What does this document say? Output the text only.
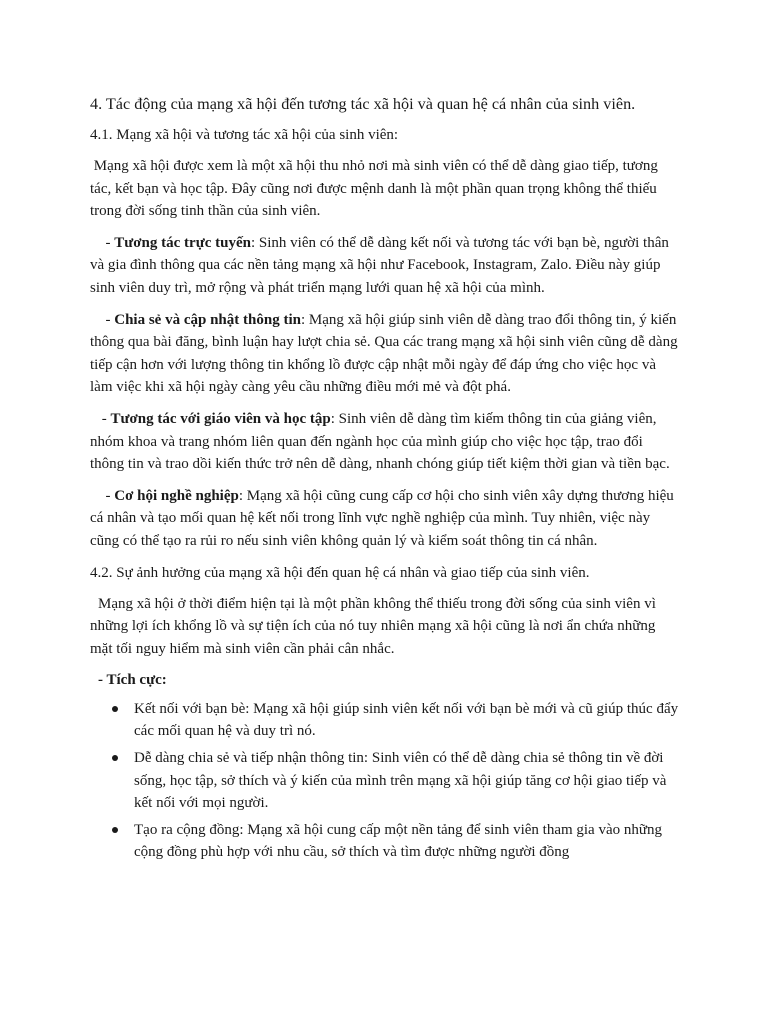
4. Tác động của mạng xã hội đến tương tác xã hội và quan hệ cá nhân của sinh viên.
4.1. Mạng xã hội và tương tác xã hội của sinh viên:
Mạng xã hội được xem là một xã hội thu nhỏ nơi mà sinh viên có thể dễ dàng giao tiếp, tương tác, kết bạn và học tập. Đây cũng nơi được mệnh danh là một phần quan trọng không thể thiếu trong đời sống tinh thần của sinh viên.
- Tương tác trực tuyến: Sinh viên có thể dễ dàng kết nối và tương tác với bạn bè, người thân và gia đình thông qua các nền tảng mạng xã hội như Facebook, Instagram, Zalo. Điều này giúp sinh viên duy trì, mở rộng và phát triển mạng lưới quan hệ xã hội của mình.
- Chia sẻ và cập nhật thông tin: Mạng xã hội giúp sinh viên dễ dàng trao đổi thông tin, ý kiến thông qua bài đăng, bình luận hay lượt chia sẻ. Qua các trang mạng xã hội sinh viên cũng dễ dàng tiếp cận hơn với lượng thông tin khổng lồ được cập nhật mỗi ngày để đáp ứng cho việc học và làm việc khi xã hội ngày càng yêu cầu những điều mới mẻ và đột phá.
- Tương tác với giáo viên và học tập: Sinh viên dễ dàng tìm kiếm thông tin của giảng viên, nhóm khoa và trang nhóm liên quan đến ngành học của mình giúp cho việc học tập, trao đổi thông tin và trao dồi kiến thức trở nên dễ dàng, nhanh chóng giúp tiết kiệm thời gian và tiền bạc.
- Cơ hội nghề nghiệp: Mạng xã hội cũng cung cấp cơ hội cho sinh viên xây dựng thương hiệu cá nhân và tạo mối quan hệ kết nối trong lĩnh vực nghề nghiệp của mình. Tuy nhiên, việc này cũng có thể tạo ra rủi ro nếu sinh viên không quản lý và kiểm soát thông tin cá nhân.
4.2. Sự ảnh hưởng của mạng xã hội đến quan hệ cá nhân và giao tiếp của sinh viên.
Mạng xã hội ở thời điểm hiện tại là một phần không thể thiếu trong đời sống của sinh viên vì những lợi ích khổng lồ và sự tiện ích của nó tuy nhiên mạng xã hội cũng là nơi ẩn chứa những mặt tối nguy hiểm mà sinh viên cần phải cân nhắc.
- Tích cực:
Kết nối với bạn bè: Mạng xã hội giúp sinh viên kết nối với bạn bè mới và cũ giúp thúc đẩy các mối quan hệ và duy trì nó.
Dễ dàng chia sẻ và tiếp nhận thông tin: Sinh viên có thể dễ dàng chia sẻ thông tin về đời sống, học tập, sở thích và ý kiến của mình trên mạng xã hội giúp tăng cơ hội giao tiếp và kết nối với mọi người.
Tạo ra cộng đồng: Mạng xã hội cung cấp một nền tảng để sinh viên tham gia vào những cộng đồng phù hợp với nhu cầu, sở thích và tìm được những người đồng
